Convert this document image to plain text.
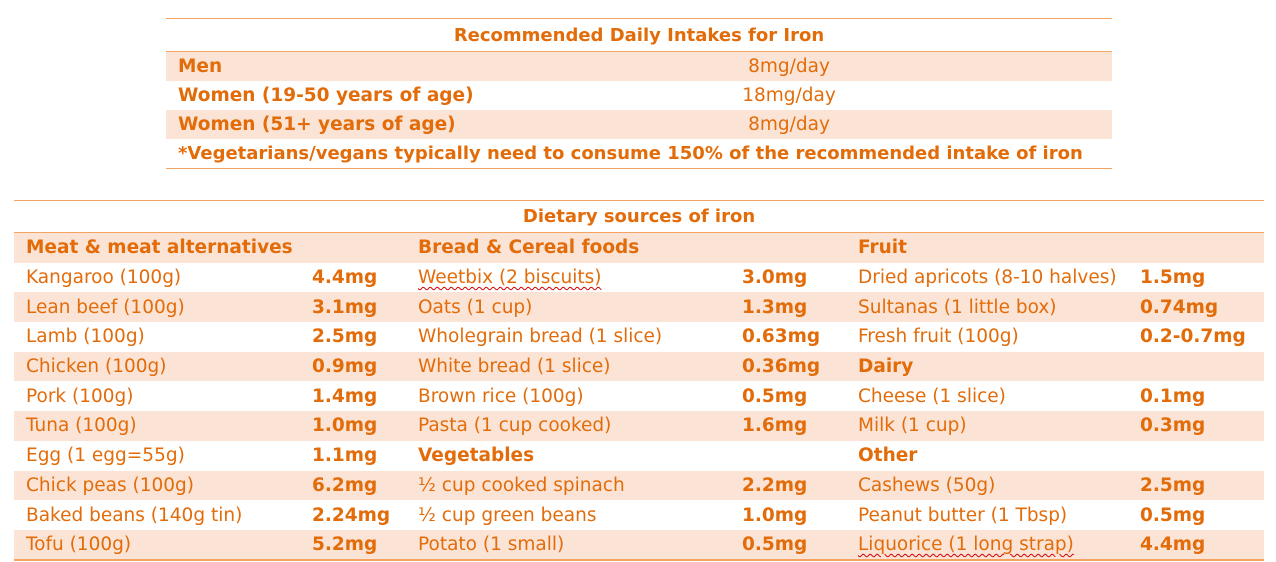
Recommended Daily Intakes for Iron		
Men	8mg/day	
Women (19-50 years of age)	18mg/day	
Women (51+ years of age)	8mg/day	
*Vegetarians/vegans typically need to consume 150% of the recommended intake of iron		
Dietary sources of iron					
Meat & meat alternatives		Bread & Cereal foods		Fruit	
Kangaroo (100g)	4.4mg	Weetbix (2 biscuits)	3.0mg	Dried apricots (8-10 halves)	1.5mg
Lean beef (100g)	3.1mg	Oats (1 cup)	1.3mg	Sultanas (1 little box)	0.74mg
Lamb (100g)	2.5mg	Wholegrain bread (1 slice)	0.63mg	Fresh fruit (100g)	0.2-0.7mg
Chicken (100g)	0.9mg	White bread (1 slice)	0.36mg	Dairy	
Pork (100g)	1.4mg	Brown rice (100g)	0.5mg	Cheese (1 slice)	0.1mg
Tuna (100g)	1.0mg	Pasta (1 cup cooked)	1.6mg	Milk (1 cup)	0.3mg
Egg (1 egg=55g)	1.1mg	Vegetables		Other	
Chick peas (100g)	6.2mg	½ cup cooked spinach	2.2mg	Cashews (50g)	2.5mg
Baked beans (140g tin)	2.24mg	½ cup green beans	1.0mg	Peanut butter (1 Tbsp)	0.5mg
Tofu (100g)	5.2mg	Potato (1 small)	0.5mg	Liquorice (1 long strap)	4.4mg
